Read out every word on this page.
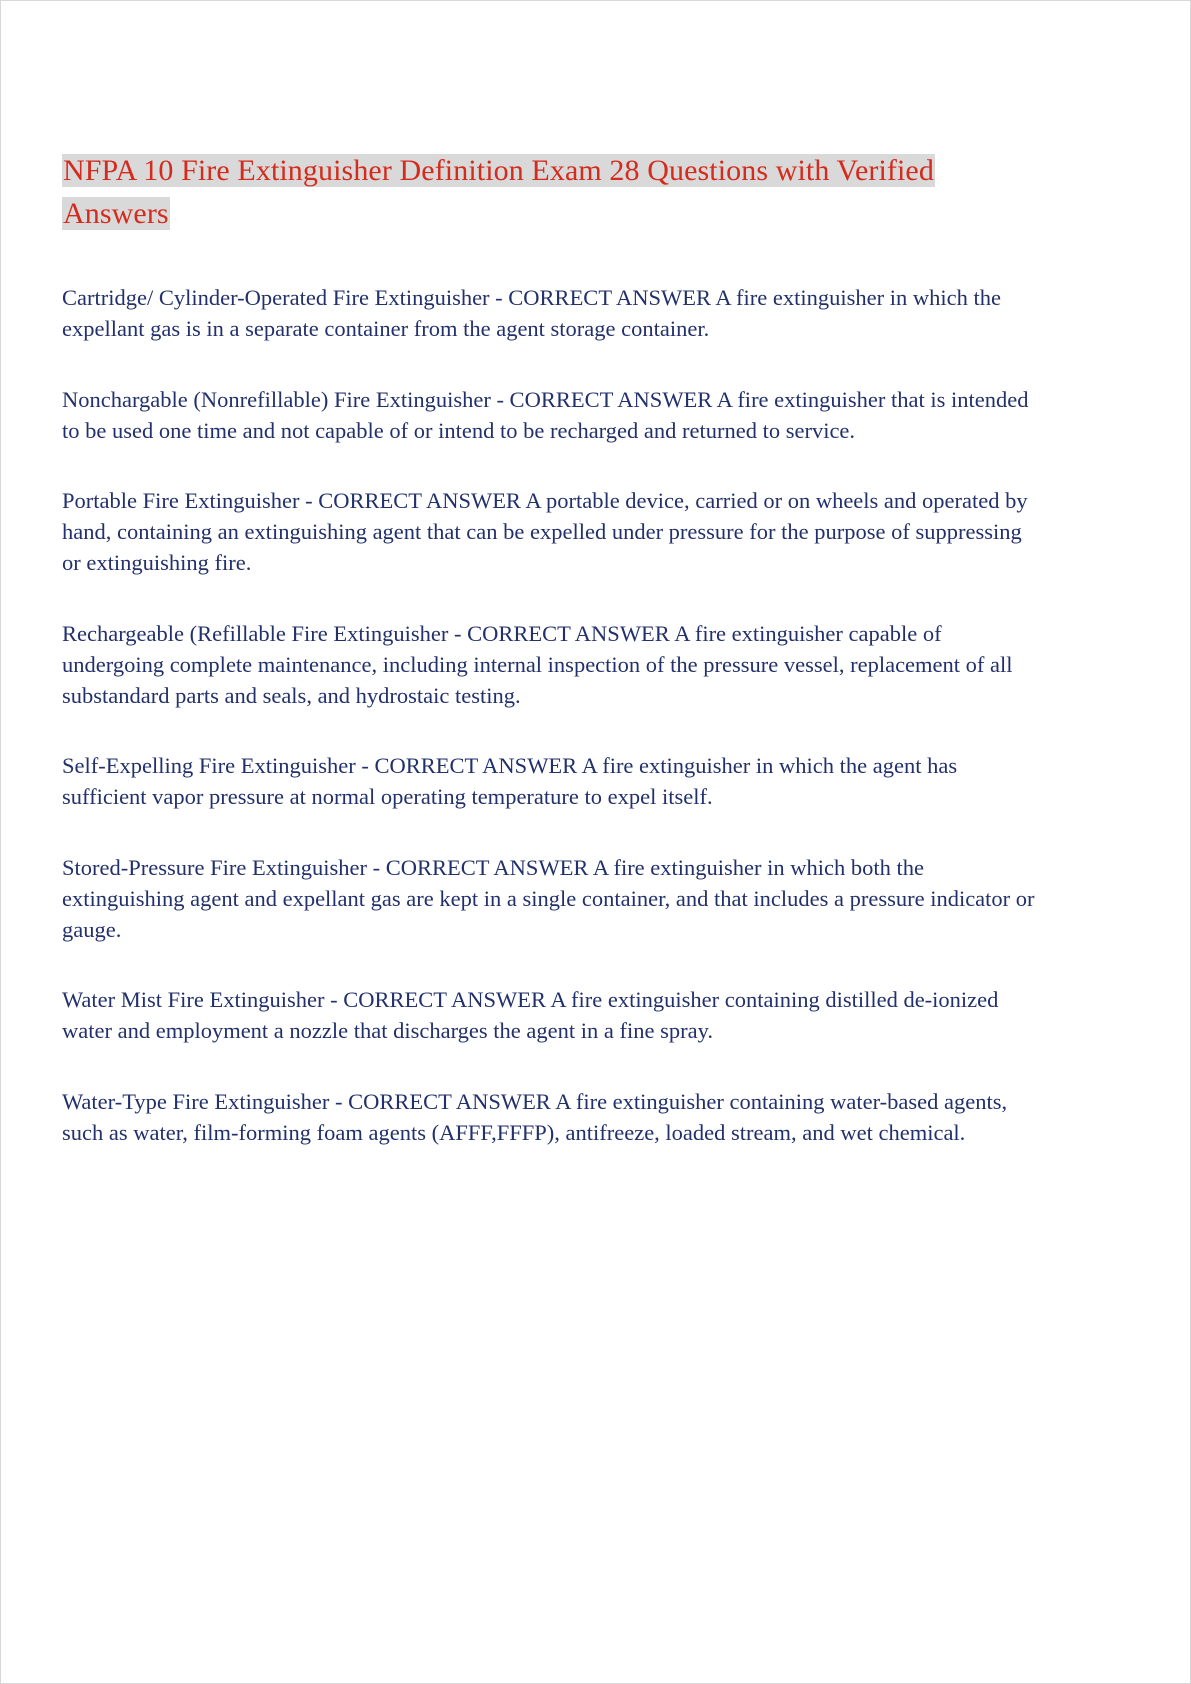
NFPA 10 Fire Extinguisher Definition Exam 28 Questions with Verified Answers

Cartridge/ Cylinder-Operated Fire Extinguisher - CORRECT ANSWER A fire extinguisher in which the expellant gas is in a separate container from the agent storage container.

Nonchargable (Nonrefillable) Fire Extinguisher - CORRECT ANSWER A fire extinguisher that is intended to be used one time and not capable of or intend to be recharged and returned to service.

Portable Fire Extinguisher - CORRECT ANSWER A portable device, carried or on wheels and operated by hand, containing an extinguishing agent that can be expelled under pressure for the purpose of suppressing or extinguishing fire.

Rechargeable (Refillable Fire Extinguisher - CORRECT ANSWER A fire extinguisher capable of undergoing complete maintenance, including internal inspection of the pressure vessel, replacement of all substandard parts and seals, and hydrostaic testing.

Self-Expelling Fire Extinguisher - CORRECT ANSWER A fire extinguisher in which the agent has sufficient vapor pressure at normal operating temperature to expel itself.

Stored-Pressure Fire Extinguisher - CORRECT ANSWER A fire extinguisher in which both the extinguishing agent and expellant gas are kept in a single container, and that includes a pressure indicator or gauge.

Water Mist Fire Extinguisher - CORRECT ANSWER A fire extinguisher containing distilled de-ionized water and employment a nozzle that discharges the agent in a fine spray.

Water-Type Fire Extinguisher - CORRECT ANSWER A fire extinguisher containing water-based agents, such as water, film-forming foam agents (AFFF,FFFP), antifreeze, loaded stream, and wet chemical.
